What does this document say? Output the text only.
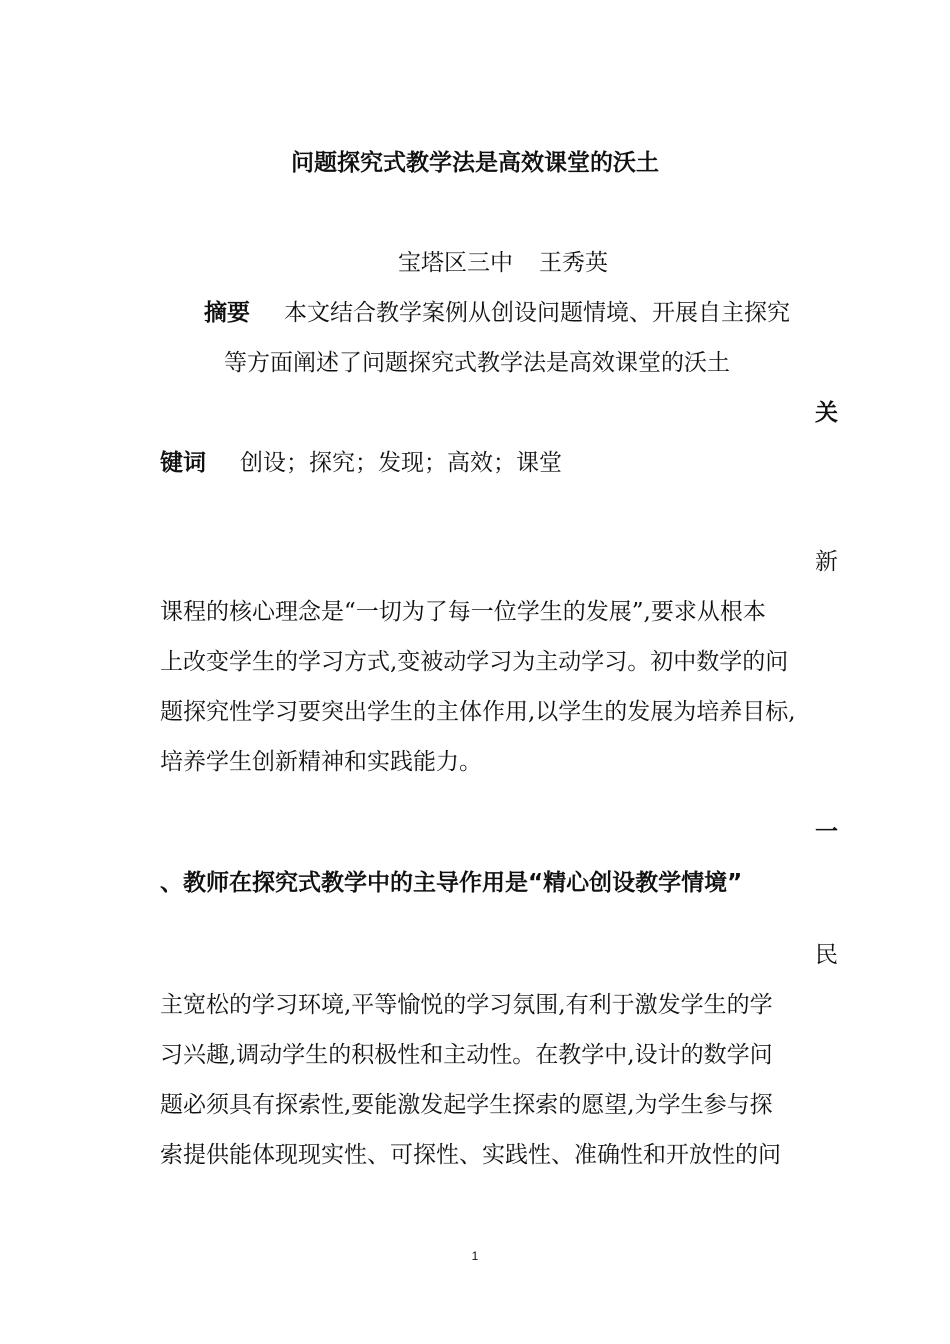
问题探究式教学法是高效课堂的沃土
宝塔区三中 王秀英
摘要 本文结合教学案例从创设问题情境、开展自主探究
等方面阐述了问题探究式教学法是高效课堂的沃土
关
键词 创设；探究；发现；高效；课堂
新
课程的核心理念是“一切为了每一位学生的发展”,要求从根本
上改变学生的学习方式,变被动学习为主动学习。初中数学的问
题探究性学习要突出学生的主体作用,以学生的发展为培养目标,
培养学生创新精神和实践能力。
一
、教师在探究式教学中的主导作用是“精心创设教学情境”
民
主宽松的学习环境,平等愉悦的学习氛围,有利于激发学生的学
习兴趣,调动学生的积极性和主动性。在教学中,设计的数学问
题必须具有探索性,要能激发起学生探索的愿望,为学生参与探
索提供能体现现实性、可探性、实践性、准确性和开放性的问
1
